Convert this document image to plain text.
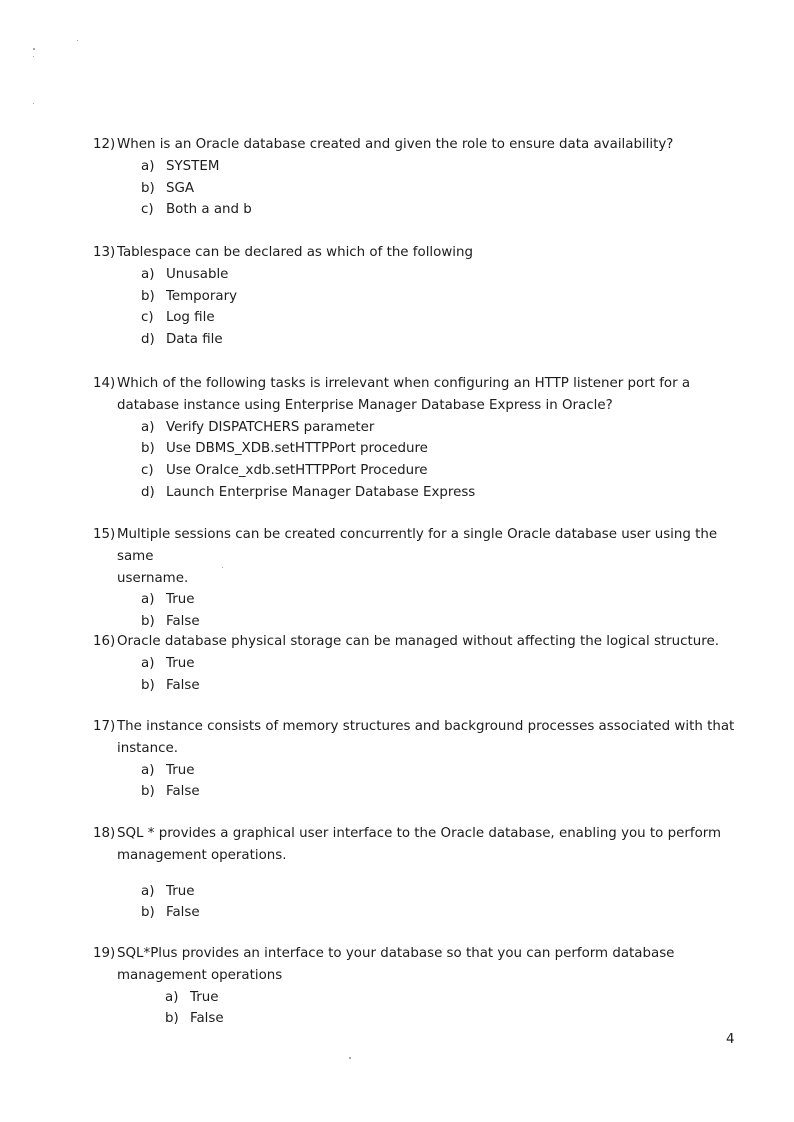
12) When is an Oracle database created and given the role to ensure data availability?
a) SYSTEM
b) SGA
c) Both a and b
13) Tablespace can be declared as which of the following
a) Unusable
b) Temporary
c) Log file
d) Data file
14) Which of the following tasks is irrelevant when configuring an HTTP listener port for a
database instance using Enterprise Manager Database Express in Oracle?
a) Verify DISPATCHERS parameter
b) Use DBMS_XDB.setHTTPPort procedure
c) Use Oralce_xdb.setHTTPPort Procedure
d) Launch Enterprise Manager Database Express
15) Multiple sessions can be created concurrently for a single Oracle database user using the same
username.
a) True
b) False
16) Oracle database physical storage can be managed without affecting the logical structure.
a) True
b) False
17) The instance consists of memory structures and background processes associated with that
instance.
a) True
b) False
18) SQL * provides a graphical user interface to the Oracle database, enabling you to perform
management operations.
a) True
b) False
19) SQL*Plus provides an interface to your database so that you can perform database
management operations
a) True
b) False
4
